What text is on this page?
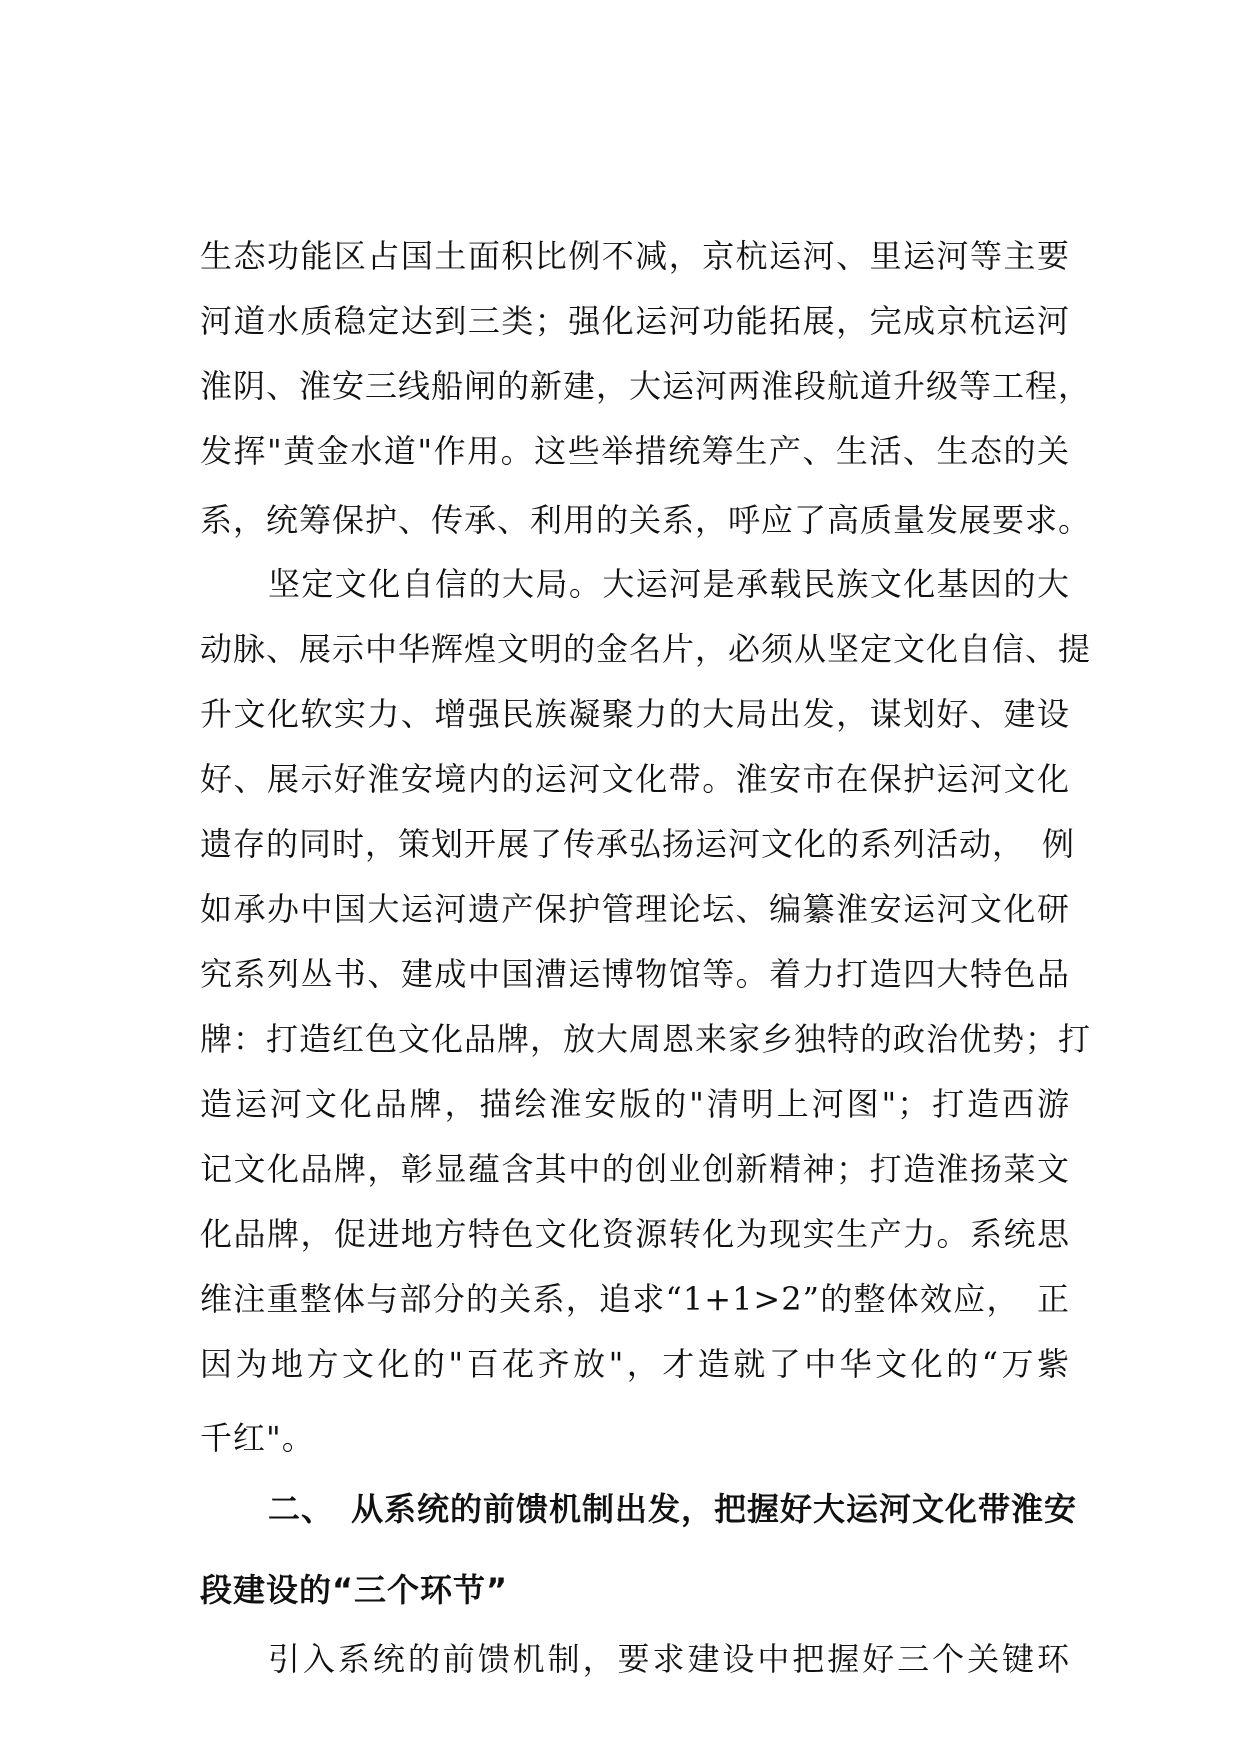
生态功能区占国土面积比例不减，京杭运河、里运河等主要
河道水质稳定达到三类；强化运河功能拓展，完成京杭运河
淮阴、淮安三线船闸的新建，大运河两淮段航道升级等工程，
发挥"黄金水道"作用。这些举措统筹生产、生活、生态的关
系，统筹保护、传承、利用的关系，呼应了高质量发展要求。
坚定文化自信的大局。大运河是承载民族文化基因的大
动脉、展示中华辉煌文明的金名片，必须从坚定文化自信、提
升文化软实力、增强民族凝聚力的大局出发，谋划好、建设
好、展示好淮安境内的运河文化带。淮安市在保护运河文化
遗存的同时，策划开展了传承弘扬运河文化的系列活动，　例
如承办中国大运河遗产保护管理论坛、编纂淮安运河文化研
究系列丛书、建成中国漕运博物馆等。着力打造四大特色品
牌：打造红色文化品牌，放大周恩来家乡独特的政治优势；打
造运河文化品牌，描绘淮安版的"清明上河图"；打造西游
记文化品牌，彰显蕴含其中的创业创新精神；打造淮扬菜文
化品牌，促进地方特色文化资源转化为现实生产力。系统思
维注重整体与部分的关系，追求“1+1>2”的整体效应，　正
因为地方文化的"百花齐放"，才造就了中华文化的“万紫
千红"。
二、　从系统的前馈机制出发，把握好大运河文化带淮安
段建设的“三个环节”
引入系统的前馈机制，要求建设中把握好三个关键环
